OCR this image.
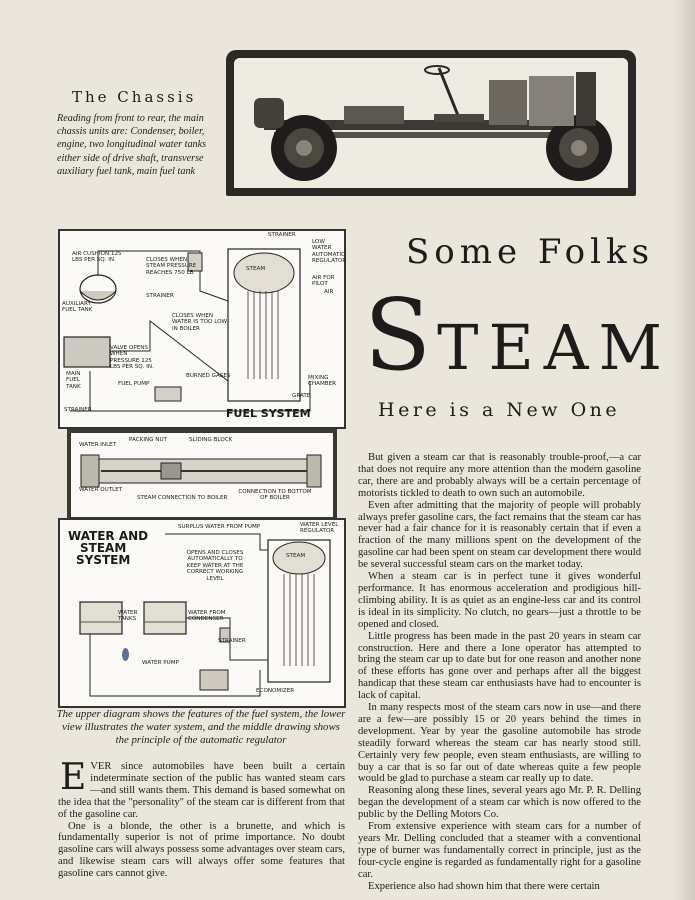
The Chassis
Reading from front to rear, the main chassis units are: Condenser, boiler, engine, two longitudinal water tanks either side of drive shaft, transverse auxiliary fuel tank, main fuel tank
STRAINER
LOW WATER AUTOMATIC REGULATOR
AIR CUSHION 125 LBS PER SQ. IN.	CLOSES WHEN STEAM PRESSURE REACHES 750 LB
AIR FOR PILOT
AIR
STEAM
AUXILIARY FUEL TANK
STRAINER
CLOSES WHEN WATER IS TOO LOW IN BOILER
VALVE OPENS WHEN PRESSURE 125 LBS PER SQ. IN.
MAIN FUEL TANK	FUEL PUMP
BURNED GASES	MIXING CHAMBER
GRATE
STRAINER	FUEL SYSTEM
WATER INLET
PACKING NUT	SLIDING BLOCK
WATER OUTLET
STEAM CONNECTION TO BOILER
CONNECTION TO BOTTOM OF BOILER
WATER AND
STEAM
SYSTEM
SURPLUS WATER FROM PUMP	WATER LEVEL REGULATOR
OPENS AND CLOSES AUTOMATICALLY TO KEEP WATER AT THE CORRECT WORKING LEVEL
STEAM
WATER TANKS
WATER FROM CONDENSER
STRAINER
WATER PUMP
ECONOMIZER
The upper diagram shows the features of the fuel system, the lower view illustrates the water system, and the middle drawing shows the principle of the automatic regulator
Some Folks
STEAM
Here is a New One

EVER since automobiles have been built a certain indeterminate section of the public has wanted steam cars—and still wants them. This demand is based somewhat on the idea that the "personality" of the steam car is different from that of the gasoline car.

One is a blonde, the other is a brunette, and which is fundamentally superior is not of prime importance. No doubt gasoline cars will always possess some advantages over steam cars, and likewise steam cars will always offer some features that gasoline cars cannot give.

But given a steam car that is reasonably trouble-proof,—a car that does not require any more attention than the modern gasoline car, there are and probably always will be a certain percentage of motorists tickled to death to own such an automobile.

Even after admitting that the majority of people will probably always prefer gasoline cars, the fact remains that the steam car has never had a fair chance for it is reasonably certain that if even a fraction of the many millions spent on the development of the gasoline car had been spent on steam car development there would be several successful steam cars on the market today.

When a steam car is in perfect tune it gives wonderful performance. It has enormous acceleration and prodigious hill-climbing ability. It is as quiet as an engine-less car and its control is ideal in its simplicity. No clutch, no gears—just a throttle to be opened and closed.

Little progress has been made in the past 20 years in steam car construction. Here and there a lone operator has attempted to bring the steam car up to date but for one reason and another none of these efforts has gone over and perhaps after all the biggest handicap that these steam car enthusiasts have had to encounter is lack of capital.

In many respects most of the steam cars now in use—and there are a few—are possibly 15 or 20 years behind the times in development. Year by year the gasoline automobile has strode steadily forward whereas the steam car has nearly stood still. Certainly very few people, even steam enthusiasts, are willing to buy a car that is so far out of date whereas quite a few people would be glad to purchase a steam car really up to date.

Reasoning along these lines, several years ago Mr. P. R. Delling began the development of a steam car which is now offered to the public by the Delling Motors Co.

From extensive experience with steam cars for a number of years Mr. Delling concluded that a steamer with a conventional type of burner was fundamentally correct in principle, just as the four-cycle engine is regarded as fundamentally right for a gasoline car.

Experience also had shown him that there were certain
